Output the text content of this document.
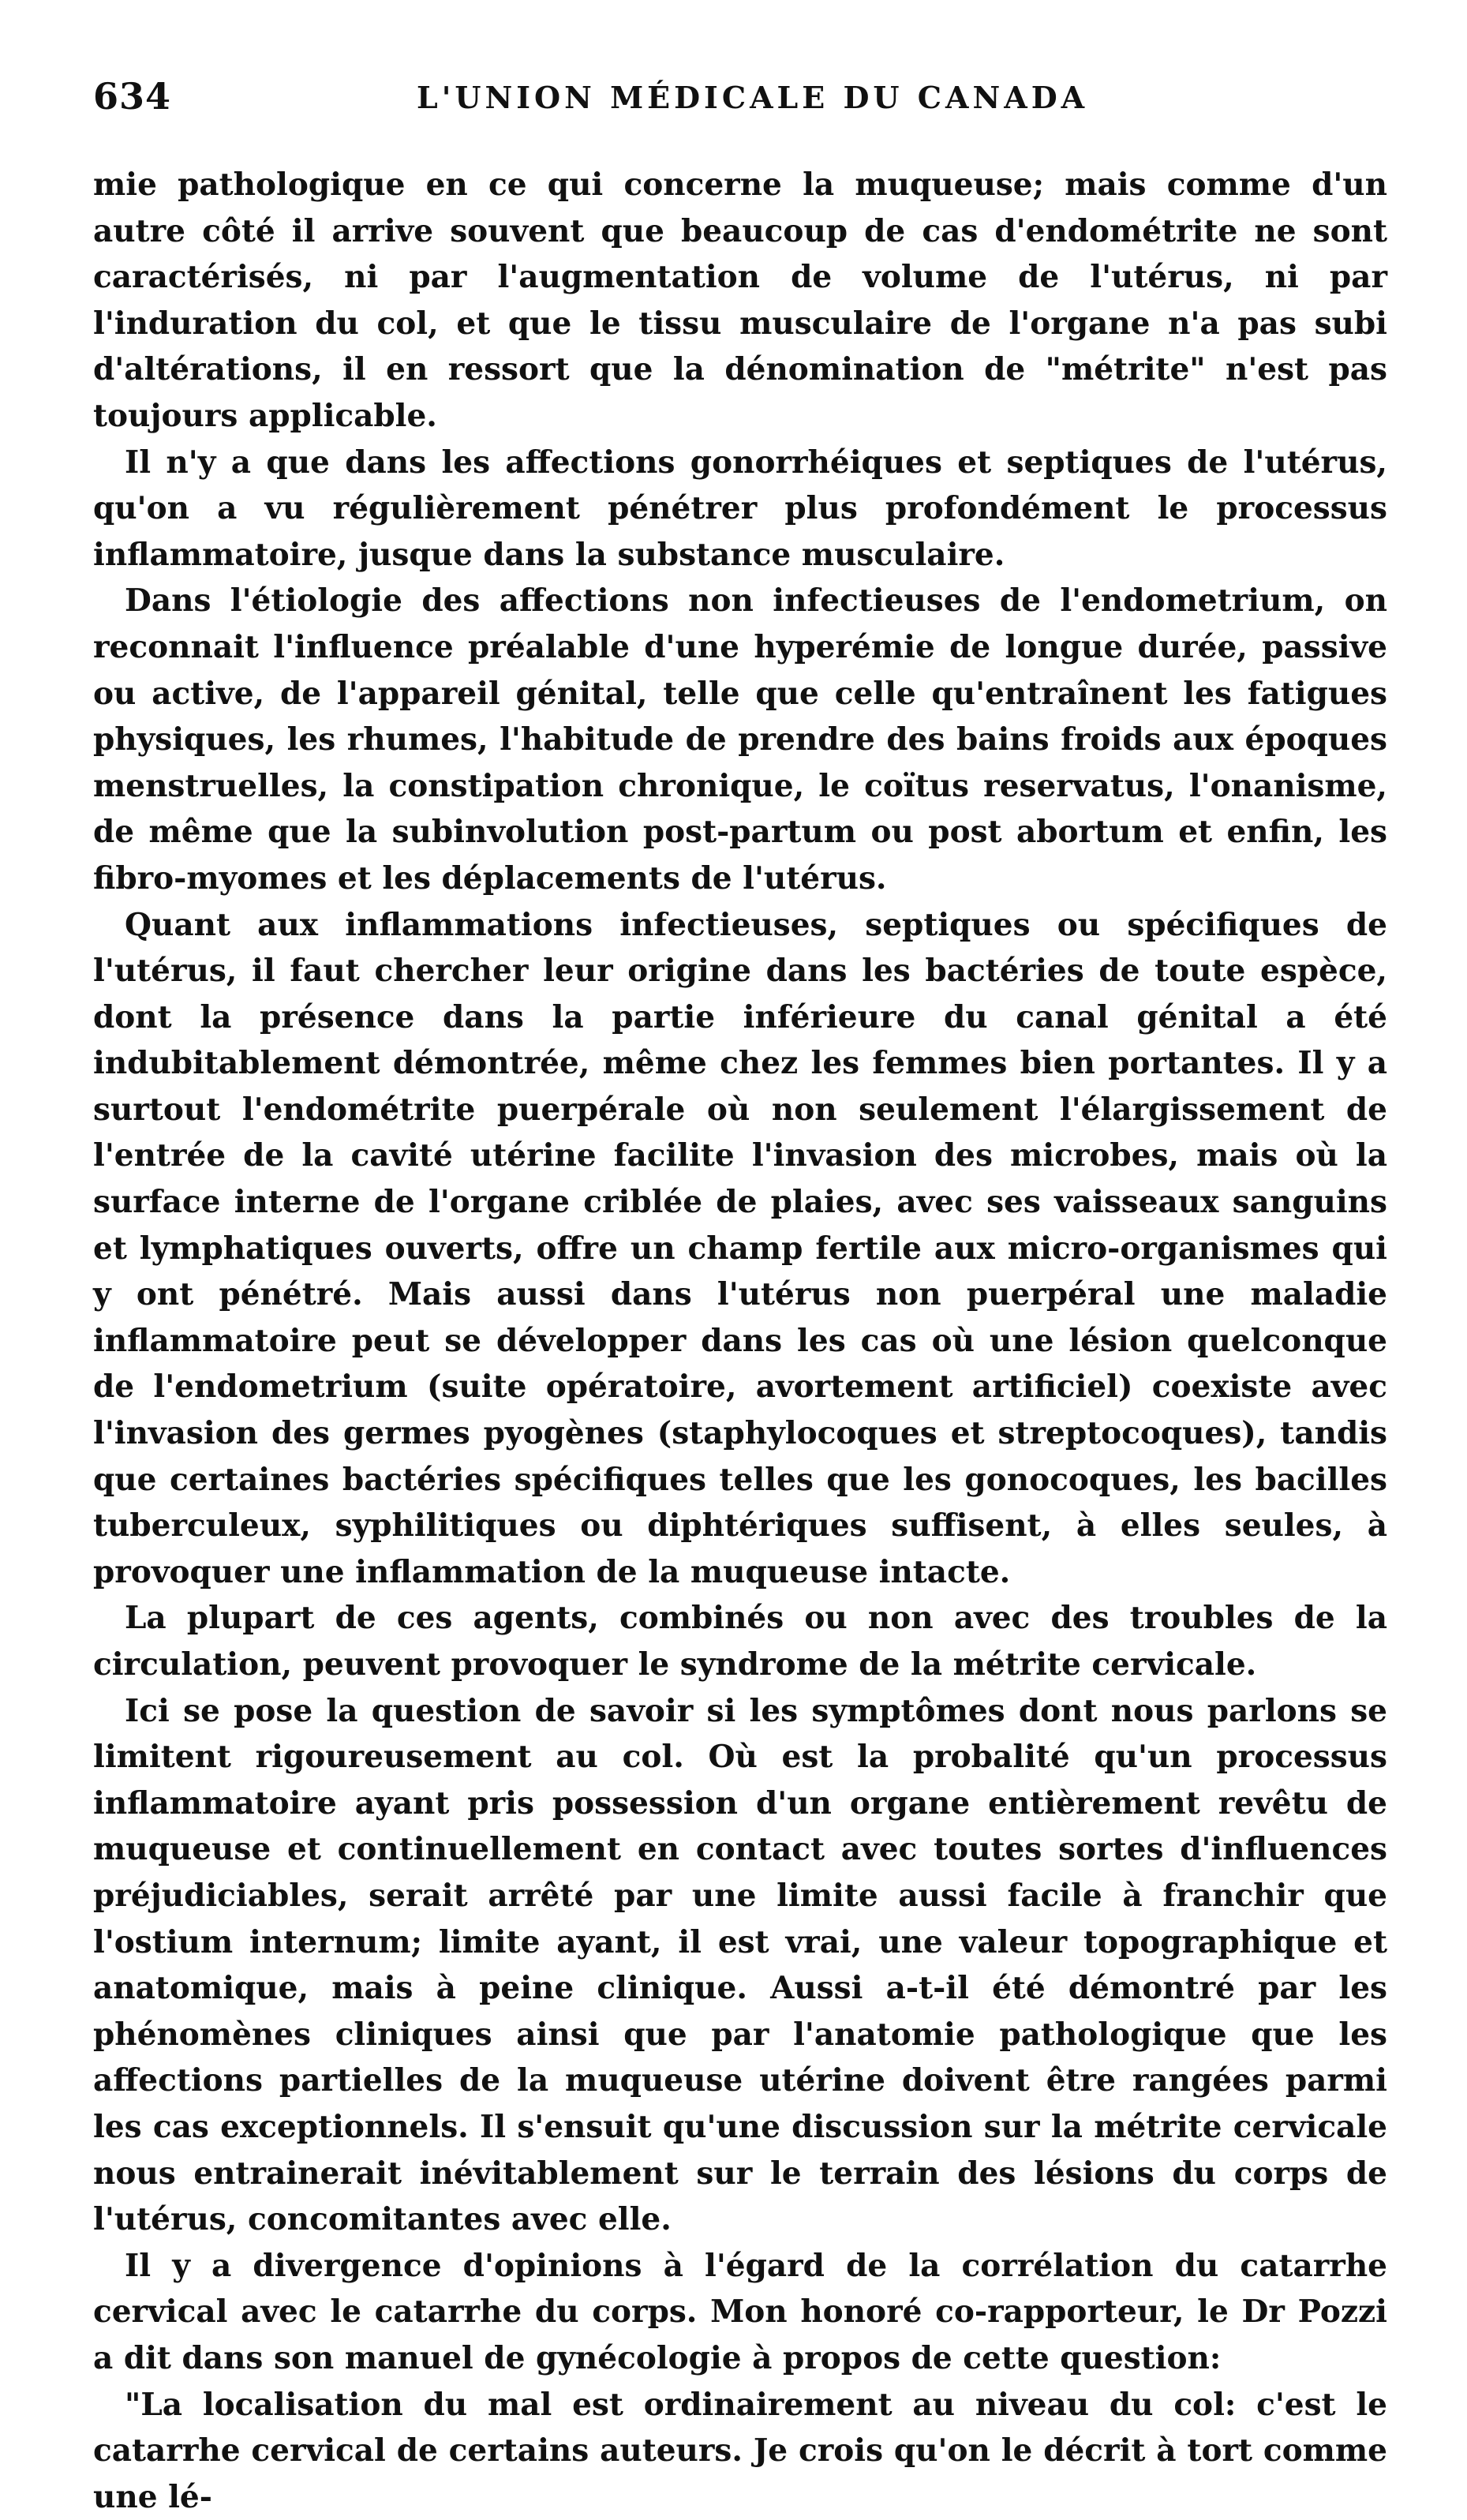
634	L'UNION MÉDICALE DU CANADA

mie pathologique en ce qui concerne la muqueuse; mais comme d'un autre côté il arrive souvent que beaucoup de cas d'endométrite ne sont caractérisés, ni par l'augmentation de volume de l'utérus, ni par l'induration du col, et que le tissu musculaire de l'organe n'a pas subi d'altérations, il en ressort que la dénomination de "métrite" n'est pas toujours applicable.

Il n'y a que dans les affections gonorrhéiques et septiques de l'utérus, qu'on a vu régulièrement pénétrer plus profondément le processus inflammatoire, jusque dans la substance musculaire.

Dans l'étiologie des affections non infectieuses de l'endometrium, on reconnait l'influence préalable d'une hyperémie de longue durée, passive ou active, de l'appareil génital, telle que celle qu'entraînent les fatigues physiques, les rhumes, l'habitude de prendre des bains froids aux époques menstruelles, la constipation chronique, le coïtus reservatus, l'onanisme, de même que la subinvolution post-partum ou post abortum et enfin, les fibro-myomes et les déplacements de l'utérus.

Quant aux inflammations infectieuses, septiques ou spécifiques de l'utérus, il faut chercher leur origine dans les bactéries de toute espèce, dont la présence dans la partie inférieure du canal génital a été indubitablement démontrée, même chez les femmes bien portantes. Il y a surtout l'endométrite puerpérale où non seulement l'élargissement de l'entrée de la cavité utérine facilite l'invasion des microbes, mais où la surface interne de l'organe criblée de plaies, avec ses vaisseaux sanguins et lymphatiques ouverts, offre un champ fertile aux micro-organismes qui y ont pénétré. Mais aussi dans l'utérus non puerpéral une maladie inflammatoire peut se développer dans les cas où une lésion quelconque de l'endometrium (suite opératoire, avortement artificiel) coexiste avec l'invasion des germes pyogènes (staphylocoques et streptocoques), tandis que certaines bactéries spécifiques telles que les gonocoques, les bacilles tuberculeux, syphilitiques ou diphtériques suffisent, à elles seules, à provoquer une inflammation de la muqueuse intacte.

La plupart de ces agents, combinés ou non avec des troubles de la circulation, peuvent provoquer le syndrome de la métrite cervicale.

Ici se pose la question de savoir si les symptômes dont nous parlons se limitent rigoureusement au col. Où est la probalité qu'un processus inflammatoire ayant pris possession d'un organe entièrement revêtu de muqueuse et continuellement en contact avec toutes sortes d'influences préjudiciables, serait arrêté par une limite aussi facile à franchir que l'ostium internum; limite ayant, il est vrai, une valeur topographique et anatomique, mais à peine clinique. Aussi a-t-il été démontré par les phénomènes cliniques ainsi que par l'anatomie pathologique que les affections partielles de la muqueuse utérine doivent être rangées parmi les cas exceptionnels. Il s'ensuit qu'une discussion sur la métrite cervicale nous entrainerait inévitablement sur le terrain des lésions du corps de l'utérus, concomitantes avec elle.

Il y a divergence d'opinions à l'égard de la corrélation du catarrhe cervical avec le catarrhe du corps. Mon honoré co-rapporteur, le Dr Pozzi a dit dans son manuel de gynécologie à propos de cette question:

"La localisation du mal est ordinairement au niveau du col: c'est le catarrhe cervical de certains auteurs. Je crois qu'on le décrit à tort comme une lé-
